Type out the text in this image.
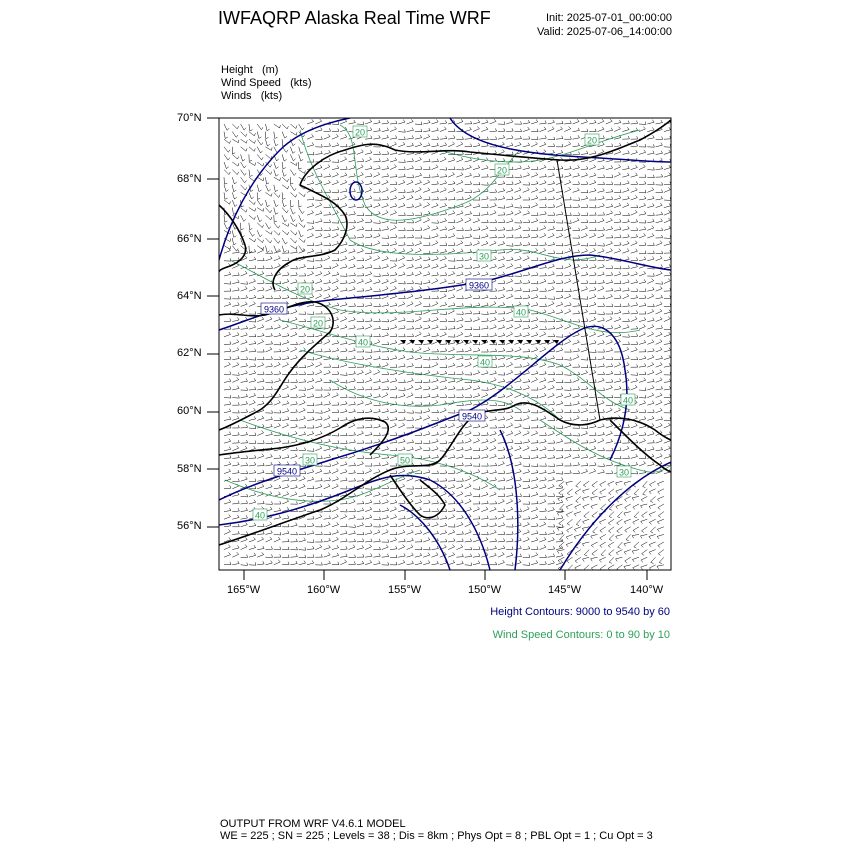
IWFAQRP Alaska Real Time WRF	Init: 2025-07-01_00:00:00
Valid: 2025-07-06_14:00:00
Height (m)
Wind Speed (kts)
Winds (kts)
20
20
30
20
40
40
40
50
20
20
40
30
40
30
9360
9360
9540
9540
70°N
68°N
66°N
64°N
62°N
60°N
58°N
56°N
165°W	160°W	155°W	150°W	145°W	140°W
Height Contours: 9000 to 9540 by 60
Wind Speed Contours: 0 to 90 by 10
OUTPUT FROM WRF V4.6.1 MODEL
WE = 225 ; SN = 225 ; Levels = 38 ; Dis = 8km ; Phys Opt = 8 ; PBL Opt = 1 ; Cu Opt = 3
